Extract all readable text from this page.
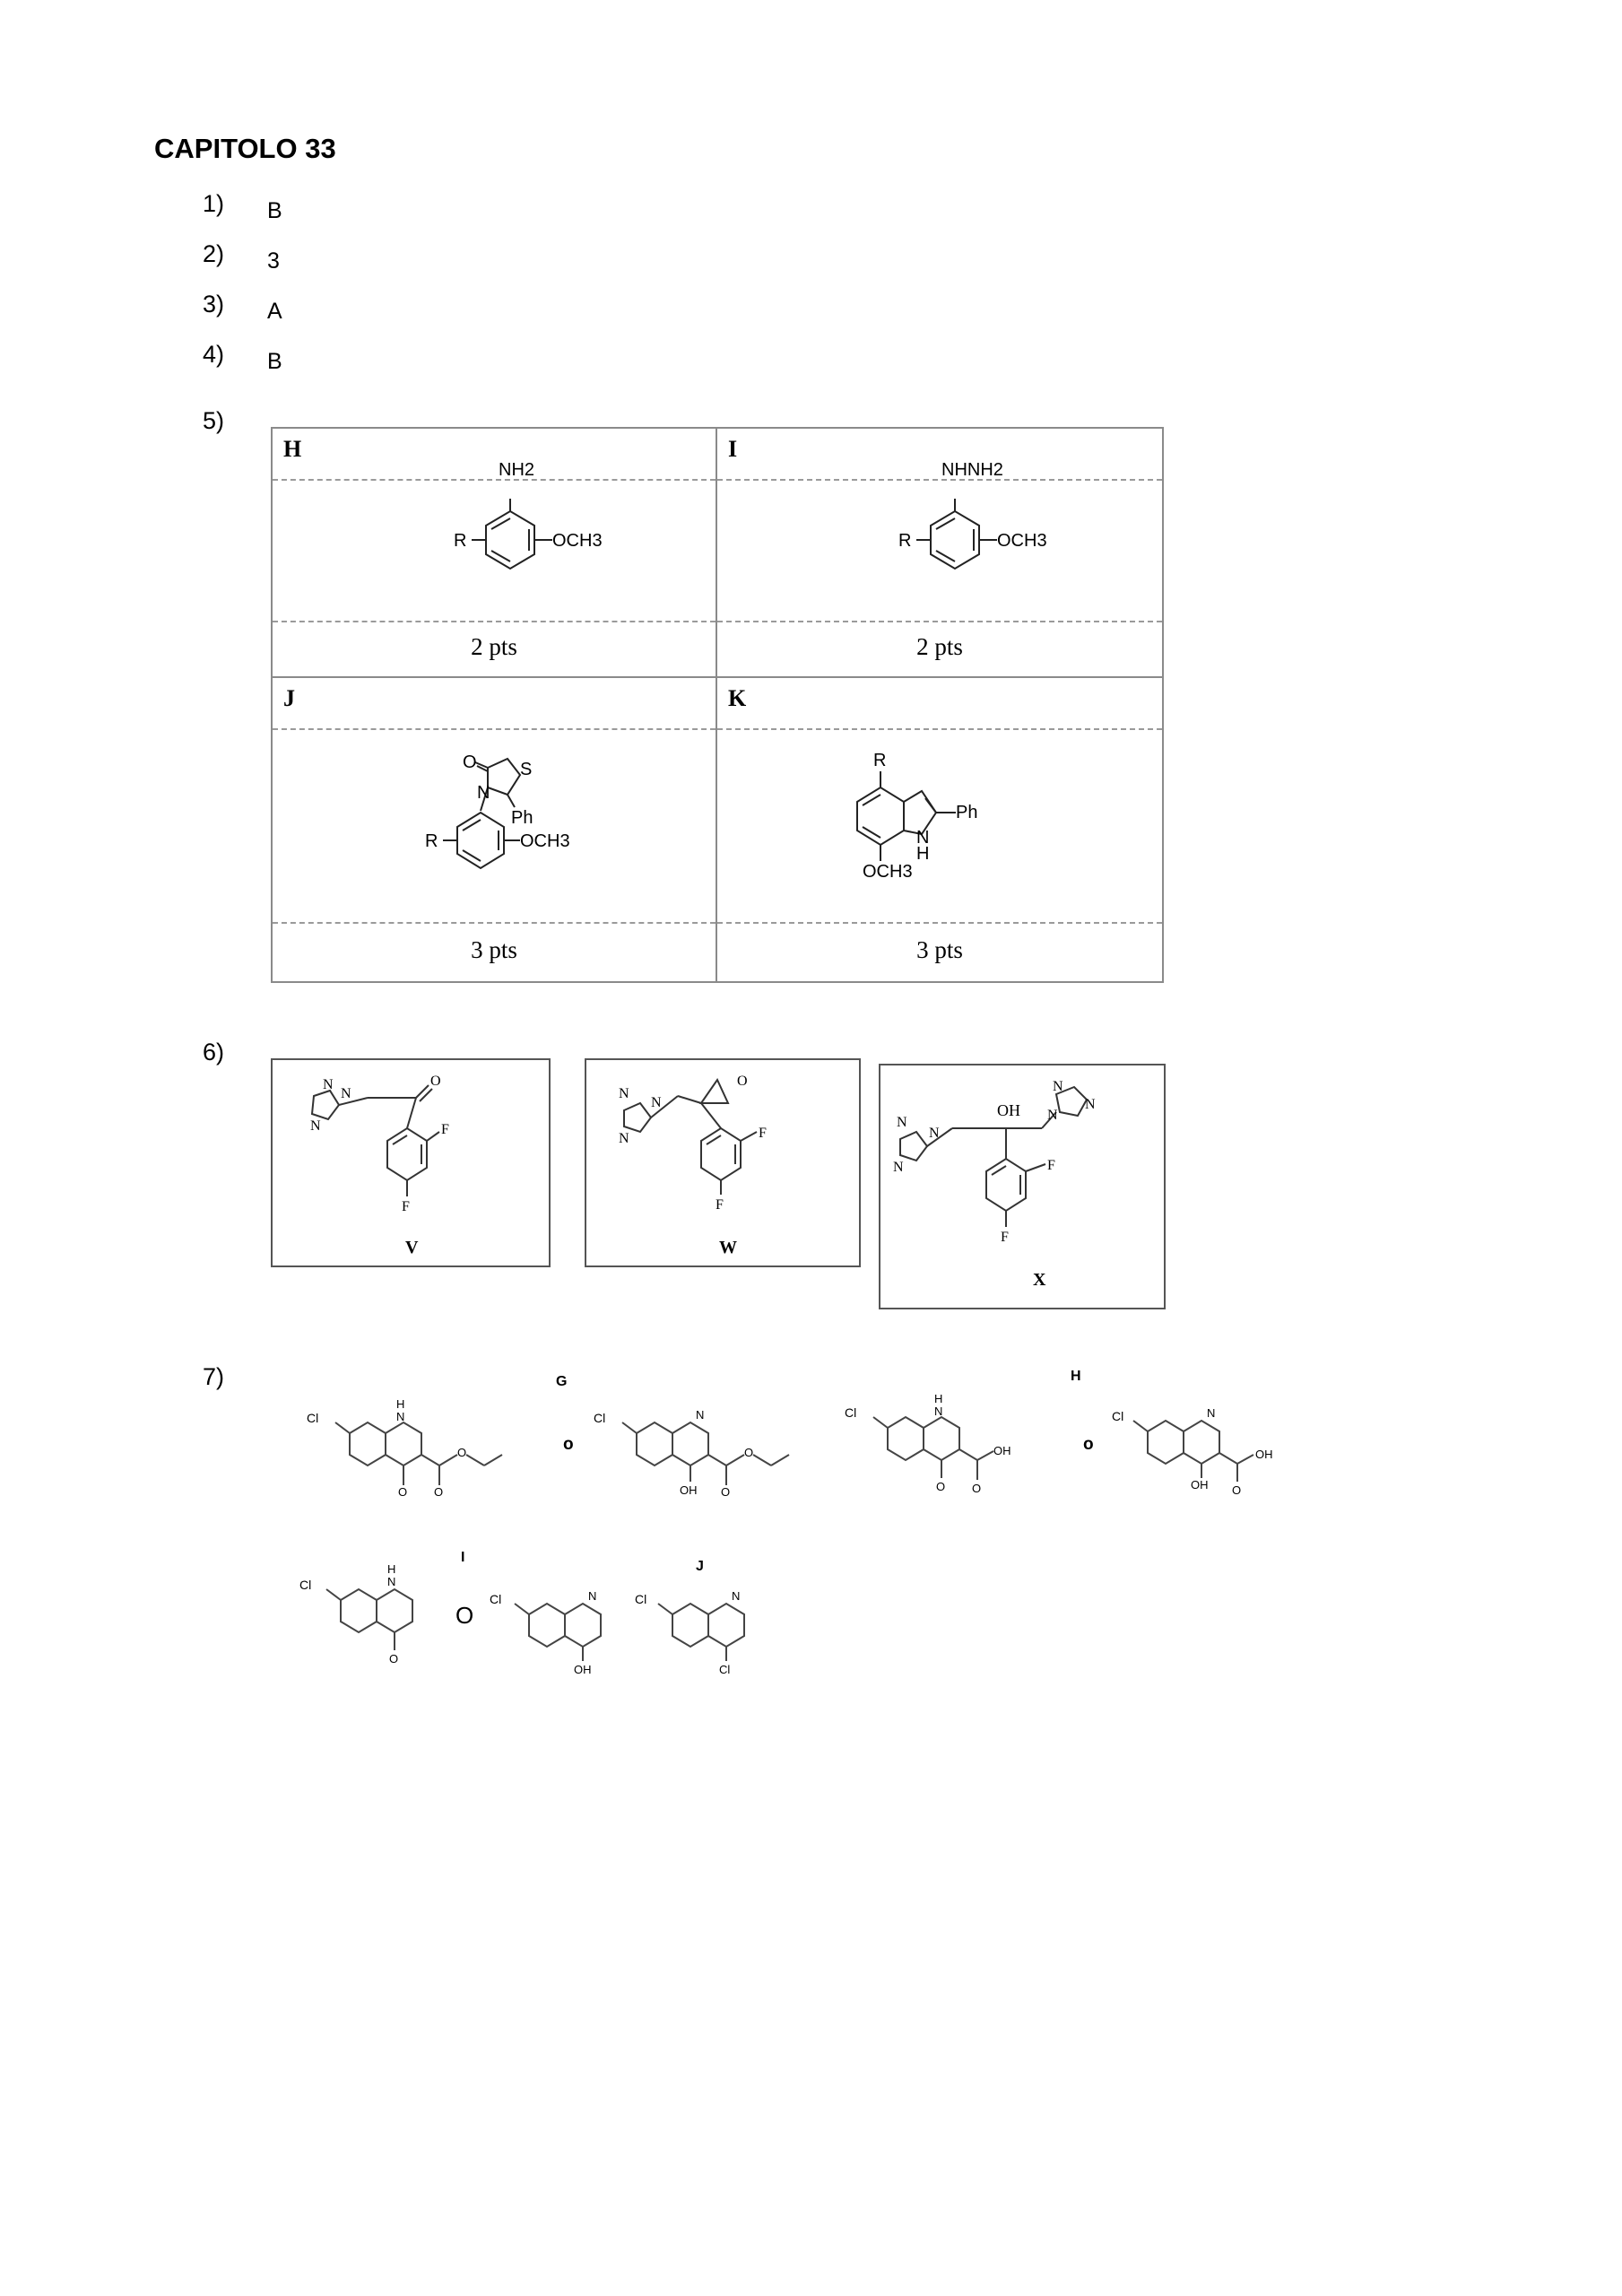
CAPITOLO 33
1) B
2) 3
3) A
4) B
5)
H
NH2
R	OCH3
2 pts
I
NHNH2
R	OCH3
2 pts
J
O S
N
Ph
R	OCH3
3 pts
K
R
Ph
N
H
OCH3
3 pts
6)
N
N
N
O
F
F
V
N
N
N
O
F
F
W
OH
N
N
N
N
N
N
F
F
X
7)	G	H
I
J
o	o
O
Cl
H
N
O O
O
Cl	N
OH O
O
Cl
H
N
O O
OH
Cl	N
OH O
OH
Cl
H
N
O
Cl	N
OH
Cl	N
Cl
